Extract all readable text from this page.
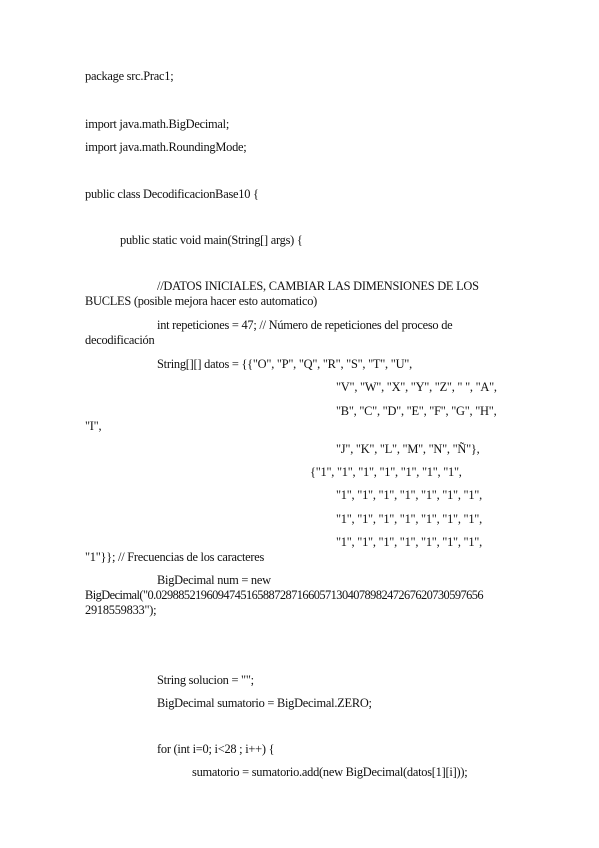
package src.Prac1;
import java.math.BigDecimal;
import java.math.RoundingMode;
public class DecodificacionBase10 {
public static void main(String[] args) {
//DATOS INICIALES, CAMBIAR LAS DIMENSIONES DE LOS
BUCLES (posible mejora hacer esto automatico)
int repeticiones = 47; // Número de repeticiones del proceso de
decodificación
String[][] datos = {{"O", "P", "Q", "R", "S", "T", "U",
"V", "W", "X", "Y", "Z", " ", "A",
"B", "C", "D", "E", "F", "G", "H",
"I",
"J", "K", "L", "M", "N", "Ñ"},
{"1", "1", "1", "1", "1", "1", "1",
"1", "1", "1", "1", "1", "1", "1",
"1", "1", "1", "1", "1", "1", "1",
"1", "1", "1", "1", "1", "1", "1",
"1"}}; // Frecuencias de los caracteres
BigDecimal num = new
BigDecimal("0.0298852196094745165887287166057130407898247267620730597656
2918559833");
String solucion = "";
BigDecimal sumatorio = BigDecimal.ZERO;
for (int i=0; i<28 ; i++) {
sumatorio = sumatorio.add(new BigDecimal(datos[1][i]));
